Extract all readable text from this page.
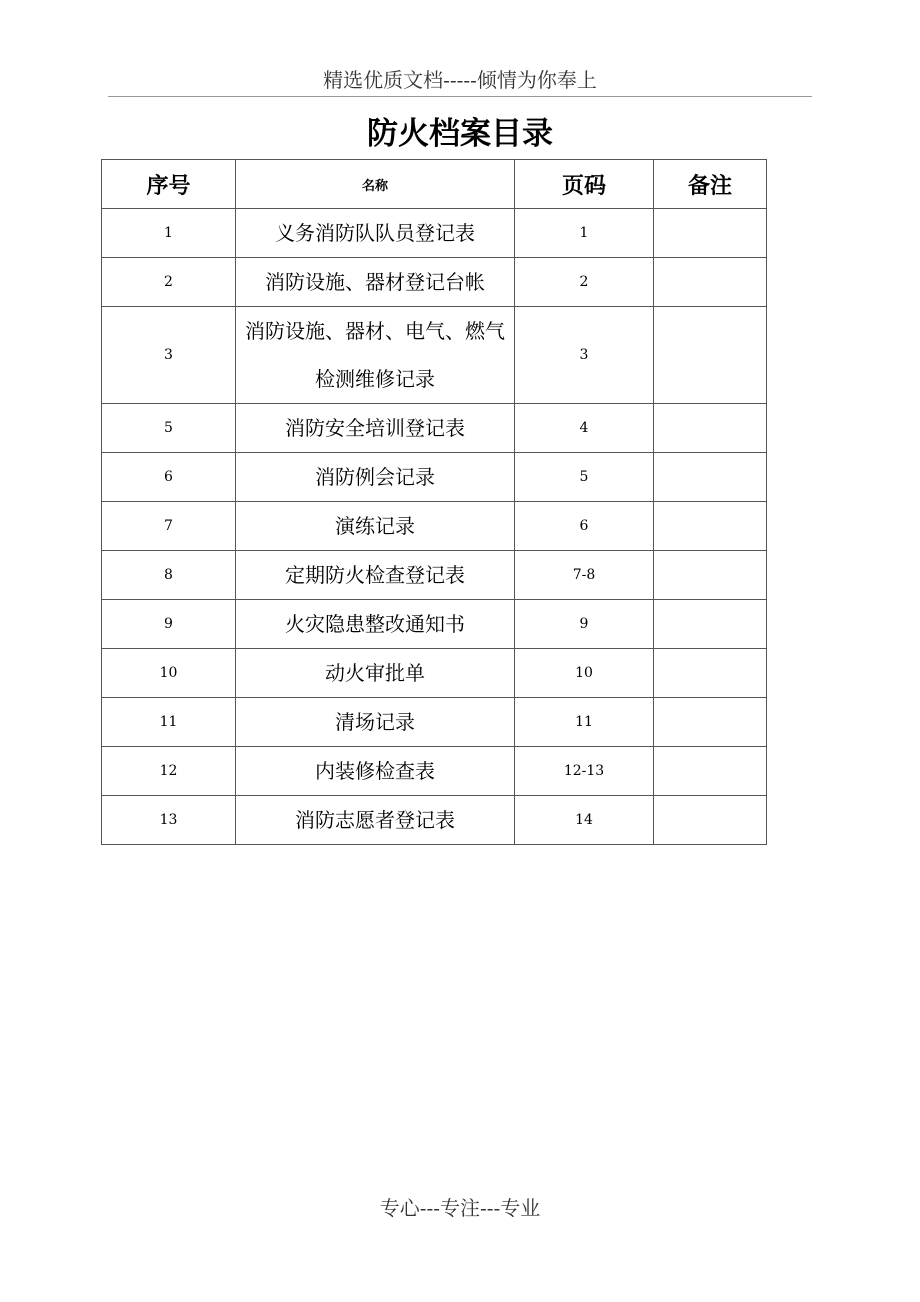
精选优质文档-----倾情为你奉上
防火档案目录
序号	名称	页码	备注
1	义务消防队队员登记表	1	
2	消防设施、器材登记台帐	2	
3	消防设施、器材、电气、燃气检测维修记录	3	
5	消防安全培训登记表	4	
6	消防例会记录	5	
7	演练记录	6	
8	定期防火检查登记表	7-8	
9	火灾隐患整改通知书	9	
10	动火审批单	10	
11	清场记录	11	
12	内装修检查表	12-13	
13	消防志愿者登记表	14	
专心---专注---专业
